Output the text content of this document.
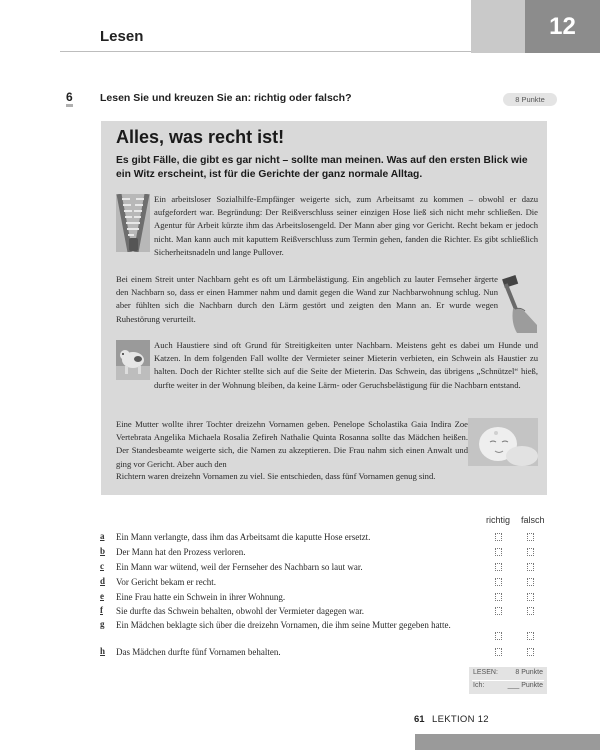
Lesen	12
6	Lesen Sie und kreuzen Sie an: richtig oder falsch?	8 Punkte
Alles, was recht ist!
Es gibt Fälle, die gibt es gar nicht – sollte man meinen. Was auf den ersten Blick wie ein Witz erscheint, ist für die Gerichte der ganz normale Alltag.
Ein arbeitsloser Sozialhilfe-Empfänger weigerte sich, zum Arbeitsamt zu kommen – obwohl er dazu aufgefordert war. Begründung: Der Reißverschluss seiner einzigen Hose ließ sich nicht mehr schließen. Die Agentur für Arbeit kürzte ihm das Arbeitslosengeld. Der Mann aber ging vor Gericht. Recht bekam er jedoch nicht. Man kann auch mit kaputtem Reißverschluss zum Termin gehen, fanden die Richter. Es gibt schließlich Sicherheitsnadeln und lange Pullover.
Bei einem Streit unter Nachbarn geht es oft um Lärmbelästigung. Ein angeblich zu lauter Fernseher ärgerte den Nachbarn so, dass er einen Hammer nahm und damit gegen die Wand zur Nachbarwohnung schlug. Nun aber fühlten sich die Nachbarn durch den Lärm gestört und zeigten den Mann an. Er wurde wegen Ruhestörung verurteilt.
Auch Haustiere sind oft Grund für Streitigkeiten unter Nachbarn. Meistens geht es dabei um Hunde und Katzen. In dem folgenden Fall wollte der Vermieter seiner Mieterin verbieten, ein Schwein als Haustier zu halten. Doch der Richter stellte sich auf die Seite der Mieterin. Das Schwein, das übrigens „Schnützel“ hieß, durfte weiter in der Wohnung bleiben, da keine Lärm- oder Geruchsbelästigung für die Nachbarn entstand.
Eine Mutter wollte ihrer Tochter dreizehn Vornamen geben. Penelope Scholastika Gaia Indira Zoe Vertebrata Angelika Michaela Rosalia Zefireh Nathalie Quinta Rosanna sollte das Mädchen heißen. Der Standesbeamte weigerte sich, die Namen zu akzeptieren. Die Frau nahm sich einen Anwalt und ging vor Gericht. Aber auch den
Richtern waren dreizehn Vornamen zu viel. Sie entschieden, dass fünf Vornamen genug sind.
richtig falsch
a Ein Mann verlangte, dass ihm das Arbeitsamt die kaputte Hose ersetzt.
b Der Mann hat den Prozess verloren.
c Ein Mann war wütend, weil der Fernseher des Nachbarn so laut war.
d Vor Gericht bekam er recht.
e Eine Frau hatte ein Schwein in ihrer Wohnung.
f Sie durfte das Schwein behalten, obwohl der Vermieter dagegen war.
g Ein Mädchen beklagte sich über die dreizehn Vornamen, die ihm seine Mutter gegeben hatte.
h Das Mädchen durfte fünf Vornamen behalten.
LESEN: 8 Punkte
Ich:	___ Punkte
61 LEKTION 12
